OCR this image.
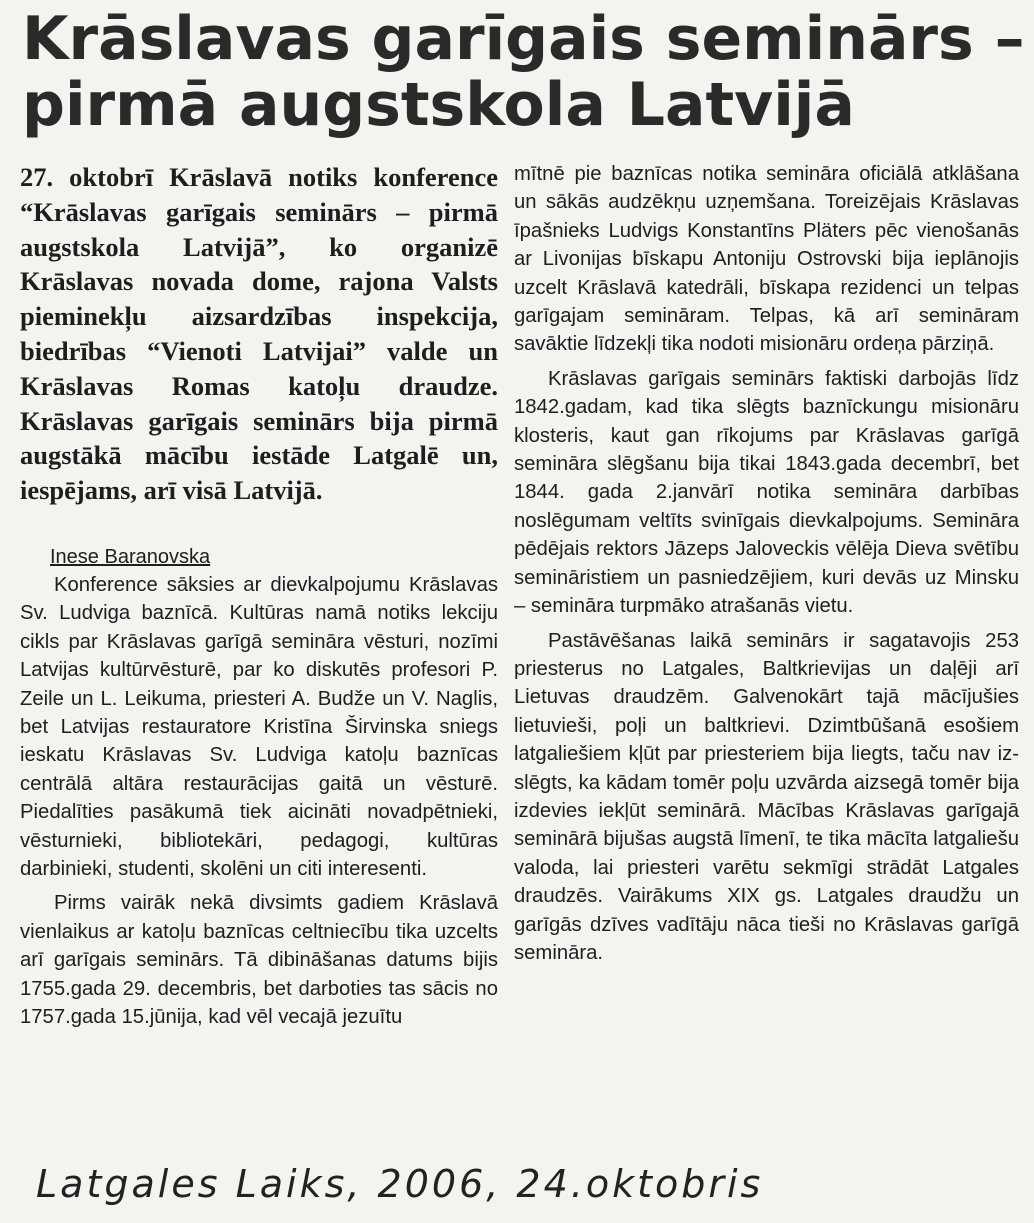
Krāslavas garīgais seminārs –
pirmā augstskola Latvijā

27. oktobrī Krāslavā notiks konference “Krāslavas garīgais seminārs – pirmā augstskola Latvijā”, ko organizē Krāslavas novada dome, rajona Valsts pieminekļu aizsardzības inspekcija, biedrības “Vienoti Latvijai” valde un Krāslavas Romas katoļu draudze. Krāslavas garīgais seminārs bija pirmā augstākā mācību iestāde Latgalē un, iespējams, arī visā Latvijā.

Inese Baranovska

Konference sāksies ar dievkalpojumu Krāslavas Sv. Ludviga baznīcā. Kultūras namā notiks lekciju cikls par Krāslavas garīgā semināra vēsturi, nozīmi Latvijas kultūrvēsturē, par ko diskutēs profesori P. Zeile un L. Leikuma, priesteri A. Budže un V. Naglis, bet Latvijas restauratore Kristīna Širvinska sniegs ieskatu Krāslavas Sv. Ludviga katoļu baznīcas centrālā altāra restaurācijas gaitā un vēsturē. Piedalīties pasākumā tiek aicināti novadpētnieki, vēsturnieki, bibliotekāri, pedagogi, kultūras darbinieki, studenti, skolēni un citi interesenti.

Pirms vairāk nekā divsimts gadiem Krāslavā vienlaikus ar katoļu baznīcas celtniecību tika uzcelts arī garīgais seminārs. Tā dibināšanas datums bijis 1755.gada 29. decembris, bet darboties tas sācis no 1757.gada 15.jūnija, kad vēl vecajā jezuītu

mītnē pie baznīcas notika semināra oficiālā atklāšana un sākās audzēkņu uzņemšana. Toreizējais Krāslavas īpašnieks Ludvigs Konstantīns Pläters pēc vienošanās ar Livonijas bīskapu Antoniju Ostrovski bija ieplānojis uzcelt Krāslavā katedrāli, bīskapa rezidenci un telpas garīgajam semināram. Telpas, kā arī semināram savāktie līdzekļi tika nodoti misionāru ordeņa pārziņā.

Krāslavas garīgais seminārs faktiski darbojās līdz 1842.gadam, kad tika slēgts baznīckungu misionāru klosteris, kaut gan rīkojums par Krāslavas garīgā semināra slēgšanu bija tikai 1843.gada decembrī, bet 1844. gada 2.janvārī notika semināra darbības noslēgumam veltīts svinīgais dievkalpojums. Semināra pēdējais rektors Jāzeps Jaloveckis vēlēja Dieva svētību semināristiem un pasniedzējiem, kuri devās uz Minsku – semināra turpmāko atrašanās vietu.

Pastāvēšanas laikā seminārs ir sagatavojis 253 priesterus no Latgales, Baltkrievijas un daļēji arī Lietuvas draudzēm. Galvenokārt tajā mācījušies lietuvieši, poļi un baltkrievi. Dzimtbūšanā esošiem latgaliešiem kļūt par priesteriem bija liegts, taču nav izslēgts, ka kādam tomēr poļu uzvārda aizsegā tomēr bija izdevies iekļūt seminārā. Mācības Krāslavas garīgajā seminārā bijušas augstā līmenī, te tika mācīta latgaliešu valoda, lai priesteri varētu sekmīgi strādāt Latgales draudzēs. Vairākums XIX gs. Latgales draudžu un garīgās dzīves vadītāju nāca tieši no Krāslavas garīgā semināra.

Latgales Laiks, 2006, 24.oktobris
